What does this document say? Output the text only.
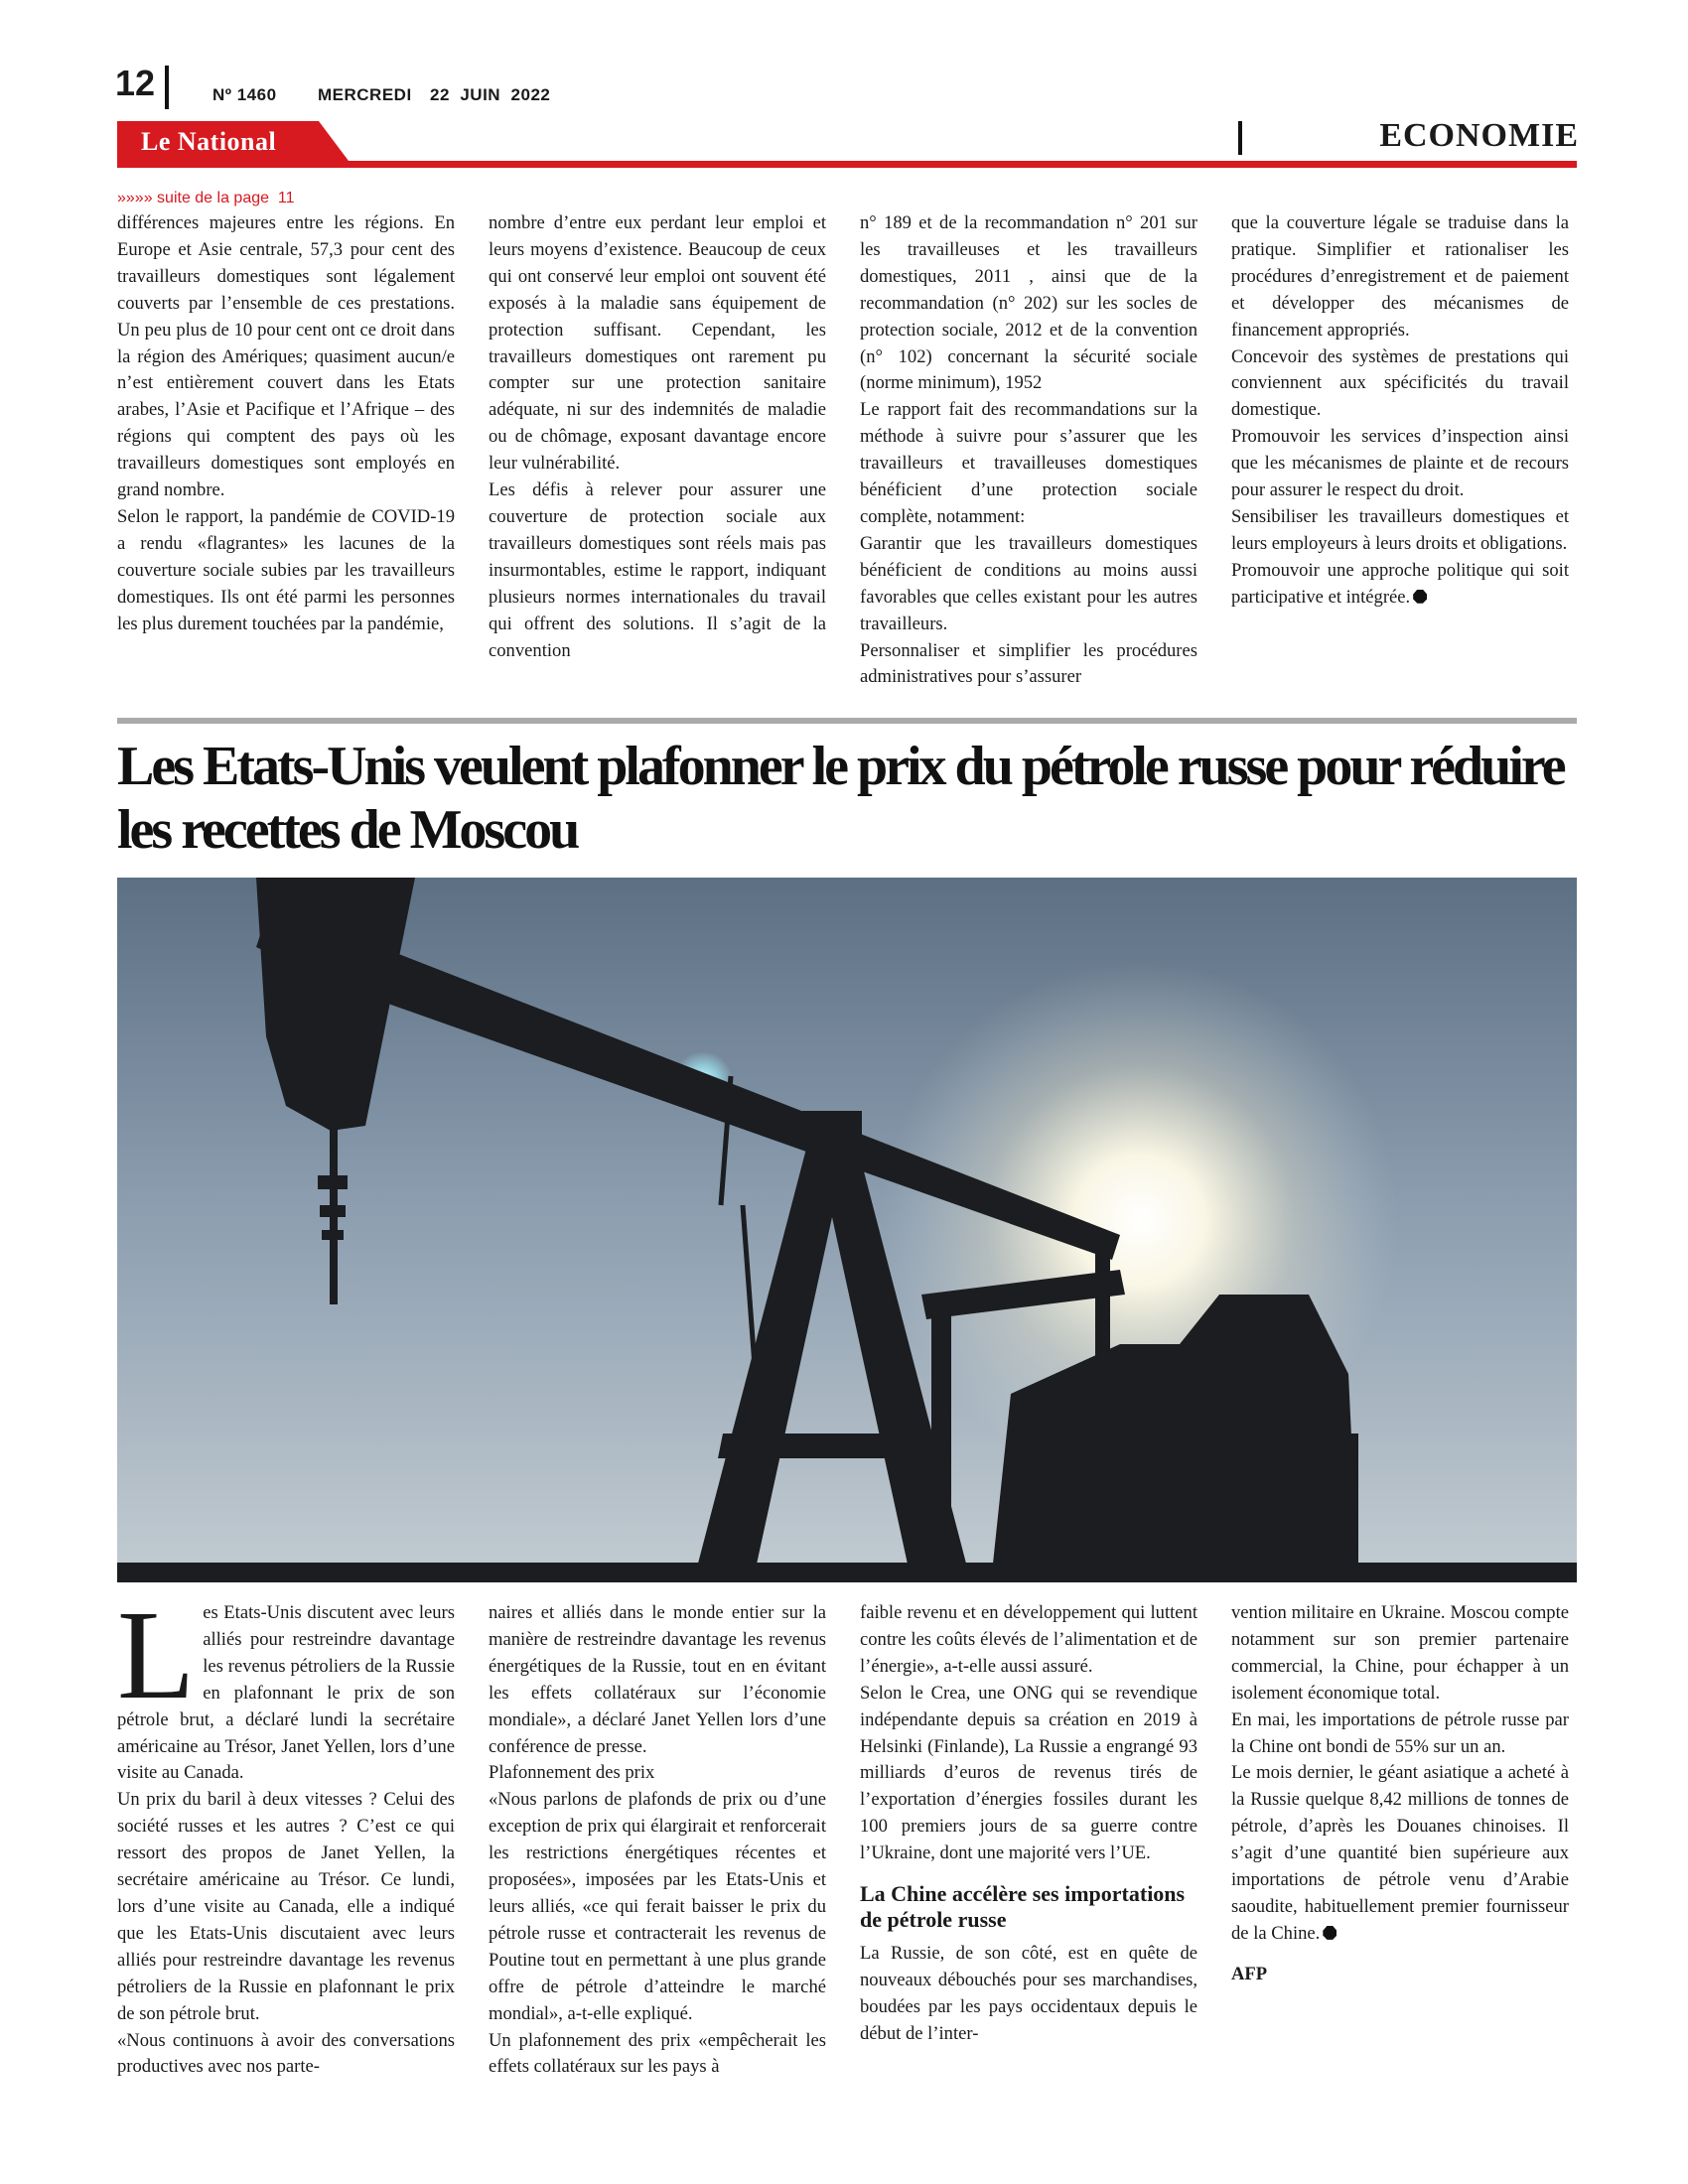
12	Nº 1460 MERCREDI 22  JUIN  2022
Le National	ECONOMIE
»»»» suite de la page  11

différences majeures entre les régions. En Europe et Asie centrale, 57,3 pour cent des travailleurs domestiques sont légalement couverts par l’ensemble de ces prestations. Un peu plus de 10 pour cent ont ce droit dans la région des Amériques; quasiment aucun/e n’est entièrement couvert dans les Etats arabes, l’Asie et Pacifique et l’Afrique – des régions qui comptent des pays où les travailleurs domestiques sont employés en grand nombre.

Selon le rapport, la pandémie de COVID-19 a rendu «flagrantes» les lacunes de la couverture sociale subies par les travailleurs domestiques. Ils ont été parmi les personnes les plus durement touchées par la pandémie,

nombre d’entre eux perdant leur emploi et leurs moyens d’existence. Beaucoup de ceux qui ont conservé leur emploi ont souvent été exposés à la maladie sans équipement de protection suffisant. Cependant, les travailleurs domestiques ont rarement pu compter sur une protection sanitaire adéquate, ni sur des indemnités de maladie ou de chômage, exposant davantage encore leur vulnérabilité.

Les défis à relever pour assurer une couverture de protection sociale aux travailleurs domestiques sont réels mais pas insurmontables, estime le rapport, indiquant plusieurs normes internationales du travail qui offrent des solutions. Il s’agit de la convention

n° 189 et de la recommandation n° 201 sur les travailleuses et les travailleurs domestiques, 2011 , ainsi que de la recommandation (n° 202) sur les socles de protection sociale, 2012 et de la convention (n° 102) concernant la sécurité sociale (norme minimum), 1952

Le rapport fait des recommandations sur la méthode à suivre pour s’assurer que les travailleurs et travailleuses domestiques bénéficient d’une protection sociale complète, notamment:

Garantir que les travailleurs domestiques bénéficient de conditions au moins aussi favorables que celles existant pour les autres travailleurs.

Personnaliser et simplifier les procédures administratives pour s’assurer

que la couverture légale se traduise dans la pratique. Simplifier et rationaliser les procédures d’enregistrement et de paiement et développer des mécanismes de financement appropriés.

Concevoir des systèmes de prestations qui conviennent aux spécificités du travail domestique.

Promouvoir les services d’inspection ainsi que les mécanismes de plainte et de recours pour assurer le respect du droit.

Sensibiliser les travailleurs domestiques et leurs employeurs à leurs droits et obligations.

Promouvoir une approche politique qui soit participative et intégrée.

Les Etats-Unis veulent plafonner le prix du pétrole russe pour réduire les recettes de Moscou

Les Etats-Unis discutent avec leurs alliés pour restreindre davantage les revenus pétroliers de la Russie en plafonnant le prix de son pétrole brut, a déclaré lundi la secrétaire américaine au Trésor, Janet Yellen, lors d’une visite au Canada.

Un prix du baril à deux vitesses ? Celui des société russes et les autres ? C’est ce qui ressort des propos de Janet Yellen, la secrétaire américaine au Trésor. Ce lundi, lors d’une visite au Canada, elle a indiqué que les Etats-Unis discutaient avec leurs alliés pour restreindre davantage les revenus pétroliers de la Russie en plafonnant le prix de son pétrole brut.

«Nous continuons à avoir des conversations productives avec nos parte-

naires et alliés dans le monde entier sur la manière de restreindre davantage les revenus énergétiques de la Russie, tout en en évitant les effets collatéraux sur l’économie mondiale», a déclaré Janet Yellen lors d’une conférence de presse.

Plafonnement des prix

«Nous parlons de plafonds de prix ou d’une exception de prix qui élargirait et renforcerait les restrictions énergétiques récentes et proposées», imposées par les Etats-Unis et leurs alliés, «ce qui ferait baisser le prix du pétrole russe et contracterait les revenus de Poutine tout en permettant à une plus grande offre de pétrole d’atteindre le marché mondial», a-t-elle expliqué.

Un plafonnement des prix «empêcherait les effets collatéraux sur les pays à

faible revenu et en développement qui luttent contre les coûts élevés de l’alimentation et de l’énergie», a-t-elle aussi assuré.

Selon le Crea, une ONG qui se revendique indépendante depuis sa création en 2019 à Helsinki (Finlande), La Russie a engrangé 93 milliards d’euros de revenus tirés de l’exportation d’énergies fossiles durant les 100 premiers jours de sa guerre contre l’Ukraine, dont une majorité vers l’UE.

La Chine accélère ses importations de pétrole russe

La Russie, de son côté, est en quête de nouveaux débouchés pour ses marchandises, boudées par les pays occidentaux depuis le début de l’inter-

vention militaire en Ukraine. Moscou compte notamment sur son premier partenaire commercial, la Chine, pour échapper à un isolement économique total.

En mai, les importations de pétrole russe par la Chine ont bondi de 55% sur un an.

Le mois dernier, le géant asiatique a acheté à la Russie quelque 8,42 millions de tonnes de pétrole, d’après les Douanes chinoises. Il s’agit d’une quantité bien supérieure aux importations de pétrole venu d’Arabie saoudite, habituellement premier fournisseur de la Chine.

AFP
